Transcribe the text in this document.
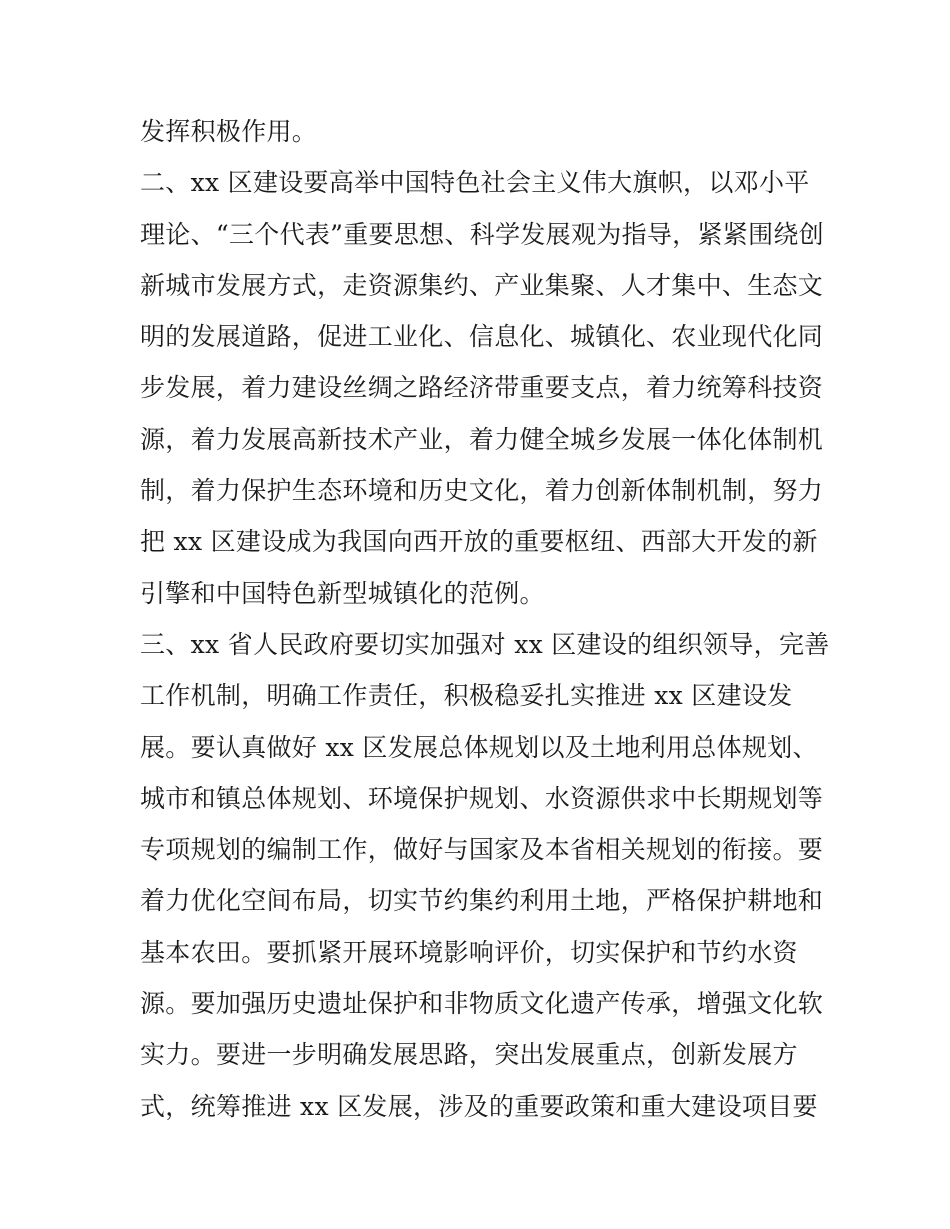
发挥积极作用。
二、xx 区建设要高举中国特色社会主义伟大旗帜，以邓小平
理论、“三个代表”重要思想、科学发展观为指导，紧紧围绕创
新城市发展方式，走资源集约、产业集聚、人才集中、生态文
明的发展道路，促进工业化、信息化、城镇化、农业现代化同
步发展，着力建设丝绸之路经济带重要支点，着力统筹科技资
源，着力发展高新技术产业，着力健全城乡发展一体化体制机
制，着力保护生态环境和历史文化，着力创新体制机制，努力
把 xx 区建设成为我国向西开放的重要枢纽、西部大开发的新
引擎和中国特色新型城镇化的范例。
三、xx 省人民政府要切实加强对 xx 区建设的组织领导，完善
工作机制，明确工作责任，积极稳妥扎实推进 xx 区建设发
展。要认真做好 xx 区发展总体规划以及土地利用总体规划、
城市和镇总体规划、环境保护规划、水资源供求中长期规划等
专项规划的编制工作，做好与国家及本省相关规划的衔接。要
着力优化空间布局，切实节约集约利用土地，严格保护耕地和
基本农田。要抓紧开展环境影响评价，切实保护和节约水资
源。要加强历史遗址保护和非物质文化遗产传承，增强文化软
实力。要进一步明确发展思路，突出发展重点，创新发展方
式，统筹推进 xx 区发展，涉及的重要政策和重大建设项目要
